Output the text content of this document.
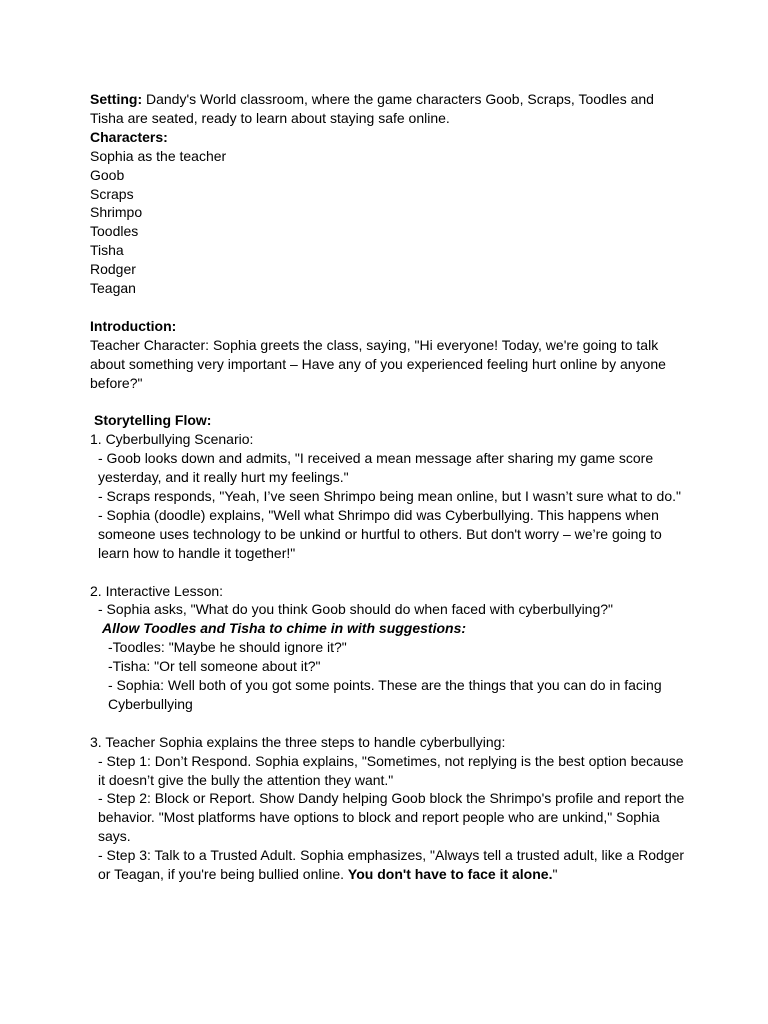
Setting: Dandy's World classroom, where the game characters Goob, Scraps, Toodles and Tisha are seated, ready to learn about staying safe online.

Characters:

Sophia as the teacher

Goob

Scraps

Shrimpo

Toodles

Tisha

Rodger

Teagan

Introduction:

Teacher Character: Sophia greets the class, saying, "Hi everyone! Today, we're going to talk about something very important – Have any of you experienced feeling hurt online by anyone before?"

Storytelling Flow:

1. Cyberbullying Scenario:

- Goob looks down and admits, "I received a mean message after sharing my game score yesterday, and it really hurt my feelings."

- Scraps responds, "Yeah, I’ve seen Shrimpo being mean online, but I wasn’t sure what to do."

- Sophia (doodle) explains, "Well what Shrimpo did was Cyberbullying. This happens when someone uses technology to be unkind or hurtful to others. But don't worry – we’re going to learn how to handle it together!"

2. Interactive Lesson:

- Sophia asks, "What do you think Goob should do when faced with cyberbullying?"

Allow Toodles and Tisha to chime in with suggestions:

-Toodles: "Maybe he should ignore it?"

-Tisha: "Or tell someone about it?"

- Sophia: Well both of you got some points. These are the things that you can do in facing Cyberbullying

3. Teacher Sophia explains the three steps to handle cyberbullying:

- Step 1: Don’t Respond. Sophia explains, "Sometimes, not replying is the best option because it doesn’t give the bully the attention they want."

- Step 2: Block or Report. Show Dandy helping Goob block the Shrimpo's profile and report the behavior. "Most platforms have options to block and report people who are unkind," Sophia says.

- Step 3: Talk to a Trusted Adult. Sophia emphasizes, "Always tell a trusted adult, like a Rodger or Teagan, if you're being bullied online. You don't have to face it alone."
